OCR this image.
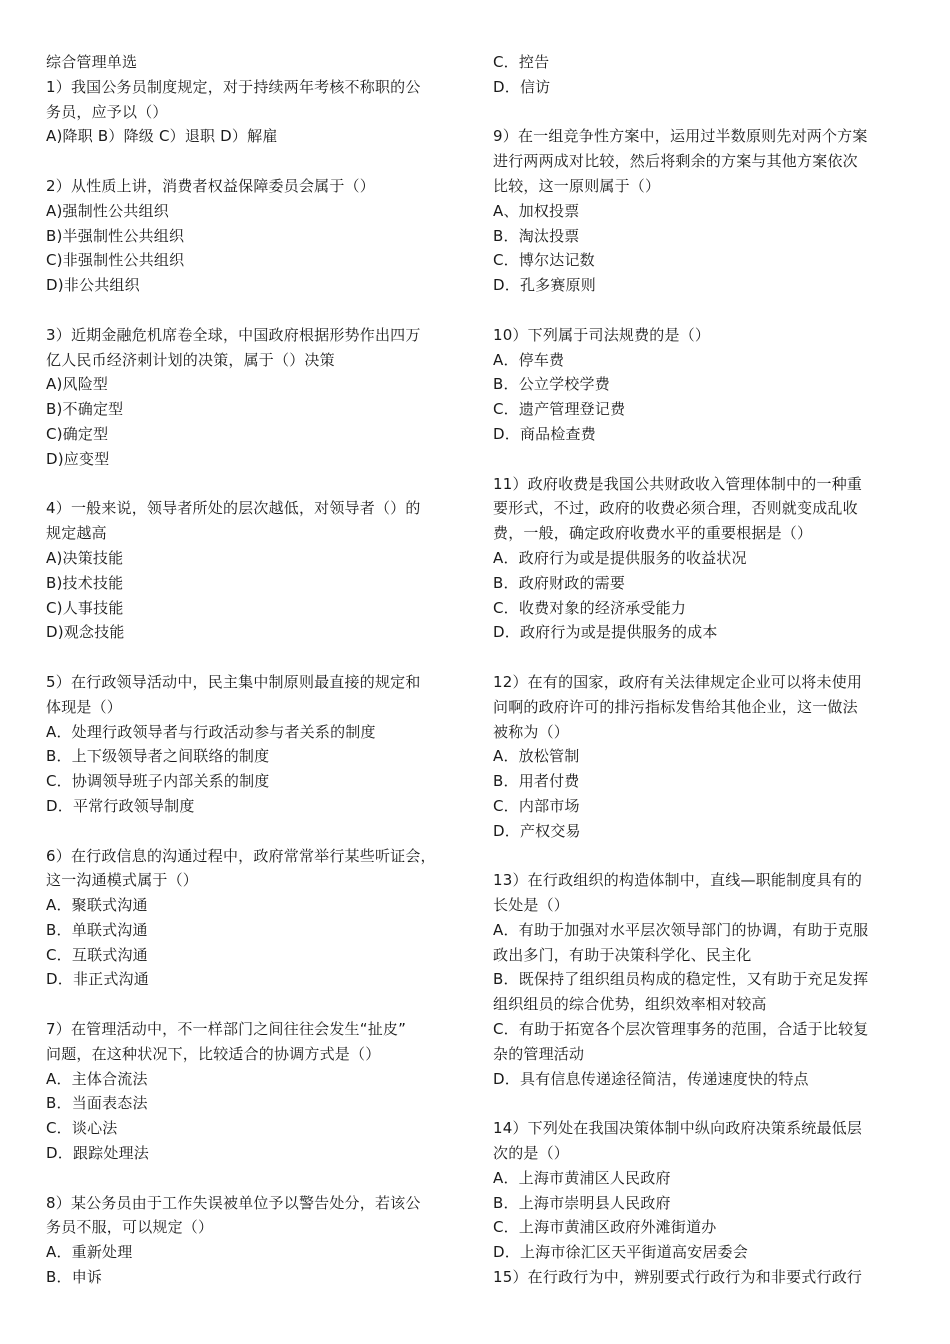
综合管理单选
1）我国公务员制度规定，对于持续两年考核不称职的公
务员，应予以（）
A)降职 B）降级 C）退职 D）解雇
2）从性质上讲，消费者权益保障委员会属于（）
A)强制性公共组织
B)半强制性公共组织
C)非强制性公共组织
D)非公共组织
3）近期金融危机席卷全球，中国政府根据形势作出四万
亿人民币经济刺计划的决策，属于（）决策
A)风险型
B)不确定型
C)确定型
D)应变型
4）一般来说，领导者所处的层次越低，对领导者（）的
规定越高
A)决策技能
B)技术技能
C)人事技能
D)观念技能
5）在行政领导活动中，民主集中制原则最直接的规定和
体现是（）
A．处理行政领导者与行政活动参与者关系的制度
B．上下级领导者之间联络的制度
C．协调领导班子内部关系的制度
D．平常行政领导制度
6）在行政信息的沟通过程中，政府常常举行某些听证会，
这一沟通模式属于（）
A．聚联式沟通
B．单联式沟通
C．互联式沟通
D．非正式沟通
7）在管理活动中，不一样部门之间往往会发生“扯皮”
问题，在这种状况下，比较适合的协调方式是（）
A．主体合流法
B．当面表态法
C．谈心法
D．跟踪处理法
8）某公务员由于工作失误被单位予以警告处分，若该公
务员不服，可以规定（）
A．重新处理
B．申诉
C．控告
D．信访
9）在一组竞争性方案中，运用过半数原则先对两个方案
进行两两成对比较，然后将剩余的方案与其他方案依次
比较，这一原则属于（）
A、加权投票
B．淘汰投票
C．博尔达记数
D．孔多赛原则
10）下列属于司法规费的是（）
A．停车费
B．公立学校学费
C．遗产管理登记费
D．商品检查费
11）政府收费是我国公共财政收入管理体制中的一种重
要形式，不过，政府的收费必须合理，否则就变成乱收
费，一般，确定政府收费水平的重要根据是（）
A．政府行为或是提供服务的收益状况
B．政府财政的需要
C．收费对象的经济承受能力
D．政府行为或是提供服务的成本
12）在有的国家，政府有关法律规定企业可以将未使用
问啊的政府许可的排污指标发售给其他企业，这一做法
被称为（）
A．放松管制
B．用者付费
C．内部市场
D．产权交易
13）在行政组织的构造体制中，直线—职能制度具有的
长处是（）
A．有助于加强对水平层次领导部门的协调，有助于克服
政出多门，有助于决策科学化、民主化
B．既保持了组织组员构成的稳定性，又有助于充足发挥
组织组员的综合优势，组织效率相对较高
C．有助于拓宽各个层次管理事务的范围，合适于比较复
杂的管理活动
D．具有信息传递途径简洁，传递速度快的特点
14）下列处在我国决策体制中纵向政府决策系统最低层
次的是（）
A．上海市黄浦区人民政府
B．上海市崇明县人民政府
C．上海市黄浦区政府外滩街道办
D．上海市徐汇区天平街道高安居委会
15）在行政行为中，辨别要式行政行为和非要式行政行
